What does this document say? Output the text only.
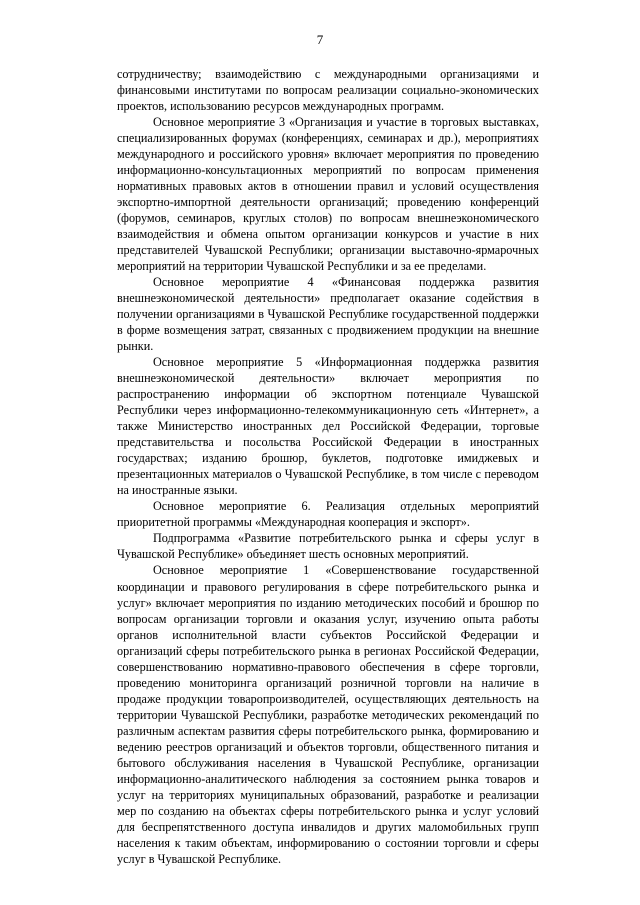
7

сотрудничеству; взаимодействию с международными организациями и финансовыми институтами по вопросам реализации социально-экономических проектов, использованию ресурсов международных программ.

Основное мероприятие 3 «Организация и участие в торговых выставках, специализированных форумах (конференциях, семинарах и др.), мероприятиях международного и российского уровня» включает мероприятия по проведению информационно-консультационных мероприятий по вопросам применения нормативных правовых актов в отношении правил и условий осуществления экспортно-импортной деятельности организаций; проведению конференций (форумов, семинаров, круглых столов) по вопросам внешнеэкономического взаимодействия и обмена опытом организации конкурсов и участие в них представителей Чувашской Республики; организации выставочно-ярмарочных мероприятий на территории Чувашской Республики и за ее пределами.

Основное мероприятие 4 «Финансовая поддержка развития внешнеэкономической деятельности» предполагает оказание содействия в получении организациями в Чувашской Республике государственной поддержки в форме возмещения затрат, связанных с продвижением продукции на внешние рынки.

Основное мероприятие 5 «Информационная поддержка развития внешнеэкономической деятельности» включает мероприятия по распространению информации об экспортном потенциале Чувашской Республики через информационно-телекоммуникационную сеть «Интернет», а также Министерство иностранных дел Российской Федерации, торговые представительства и посольства Российской Федерации в иностранных государствах; изданию брошюр, буклетов, подготовке имиджевых и презентационных материалов о Чувашской Республике, в том числе с переводом на иностранные языки.

Основное мероприятие 6. Реализация отдельных мероприятий приоритетной программы «Международная кооперация и экспорт».

Подпрограмма «Развитие потребительского рынка и сферы услуг в Чувашской Республике» объединяет шесть основных мероприятий.

Основное мероприятие 1 «Совершенствование государственной координации и правового регулирования в сфере потребительского рынка и услуг» включает мероприятия по изданию методических пособий и брошюр по вопросам организации торговли и оказания услуг, изучению опыта работы органов исполнительной власти субъектов Российской Федерации и организаций сферы потребительского рынка в регионах Российской Федерации, совершенствованию нормативно-правового обеспечения в сфере торговли, проведению мониторинга организаций розничной торговли на наличие в продаже продукции товаропроизводителей, осуществляющих деятельность на территории Чувашской Республики, разработке методических рекомендаций по различным аспектам развития сферы потребительского рынка, формированию и ведению реестров организаций и объектов торговли, общественного питания и бытового обслуживания населения в Чувашской Республике, организации информационно-аналитического наблюдения за состоянием рынка товаров и услуг на территориях муниципальных образований, разработке и реализации мер по созданию на объектах сферы потребительского рынка и услуг условий для беспрепятственного доступа инвалидов и других маломобильных групп населения к таким объектам, информированию о состоянии торговли и сферы услуг в Чувашской Республике.
